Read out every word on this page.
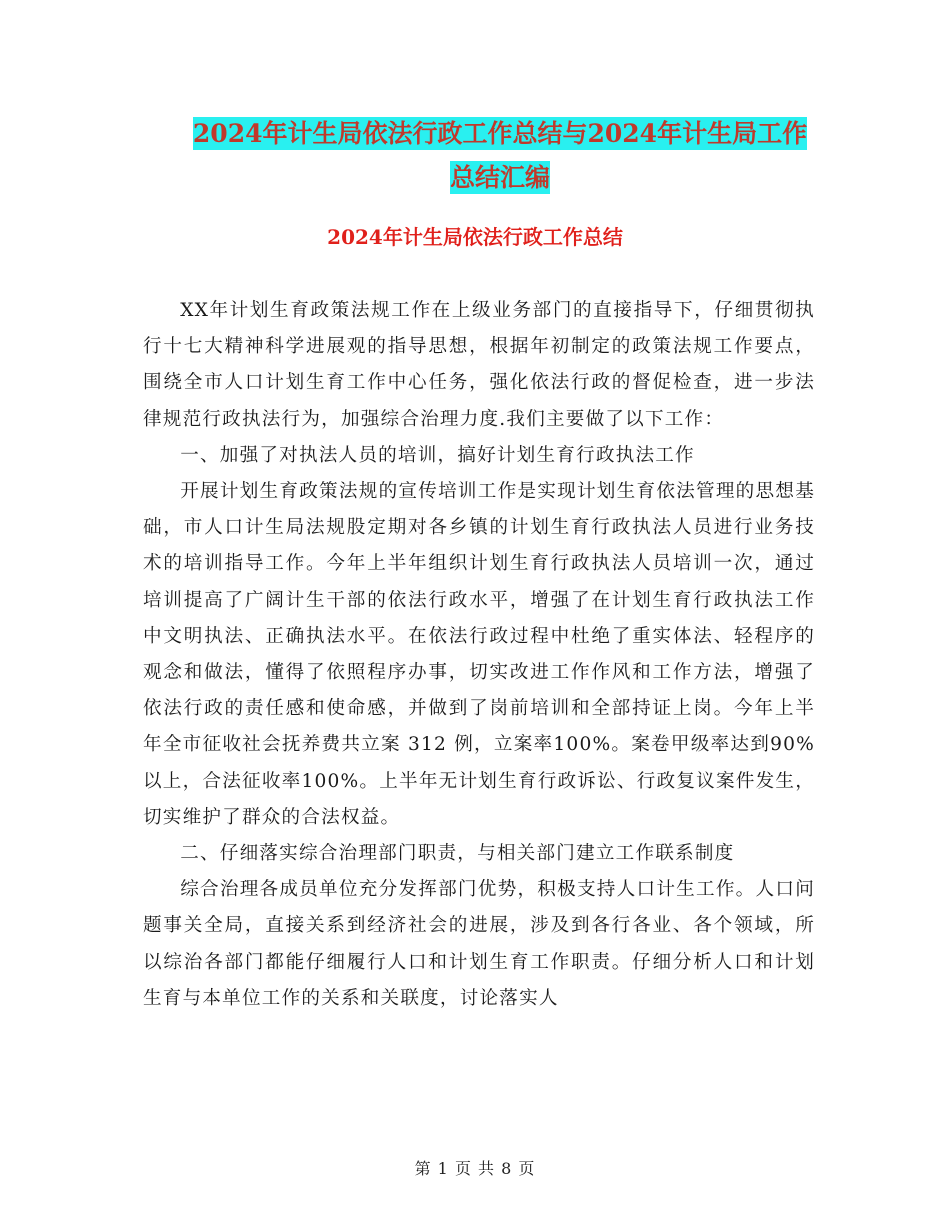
2024年计生局依法行政工作总结与2024年计生局工作
总结汇编
2024年计生局依法行政工作总结

XX年计划生育政策法规工作在上级业务部门的直接指导下，仔细贯彻执行十七大精神科学进展观的指导思想，根据年初制定的政策法规工作要点，围绕全市人口计划生育工作中心任务，强化依法行政的督促检查，进一步法律规范行政执法行为，加强综合治理力度.我们主要做了以下工作：

一、加强了对执法人员的培训，搞好计划生育行政执法工作

开展计划生育政策法规的宣传培训工作是实现计划生育依法管理的思想基础，市人口计生局法规股定期对各乡镇的计划生育行政执法人员进行业务技术的培训指导工作。今年上半年组织计划生育行政执法人员培训一次，通过培训提高了广阔计生干部的依法行政水平，增强了在计划生育行政执法工作中文明执法、正确执法水平。在依法行政过程中杜绝了重实体法、轻程序的观念和做法，懂得了依照程序办事，切实改进工作作风和工作方法，增强了依法行政的责任感和使命感，并做到了岗前培训和全部持证上岗。今年上半年全市征收社会抚养费共立案 312 例，立案率100%。案卷甲级率达到90%以上，合法征收率100%。上半年无计划生育行政诉讼、行政复议案件发生，切实维护了群众的合法权益。

二、仔细落实综合治理部门职责，与相关部门建立工作联系制度

综合治理各成员单位充分发挥部门优势，积极支持人口计生工作。人口问题事关全局，直接关系到经济社会的进展，涉及到各行各业、各个领域，所以综治各部门都能仔细履行人口和计划生育工作职责。仔细分析人口和计划生育与本单位工作的关系和关联度，讨论落实人

第 1 页 共 8 页
